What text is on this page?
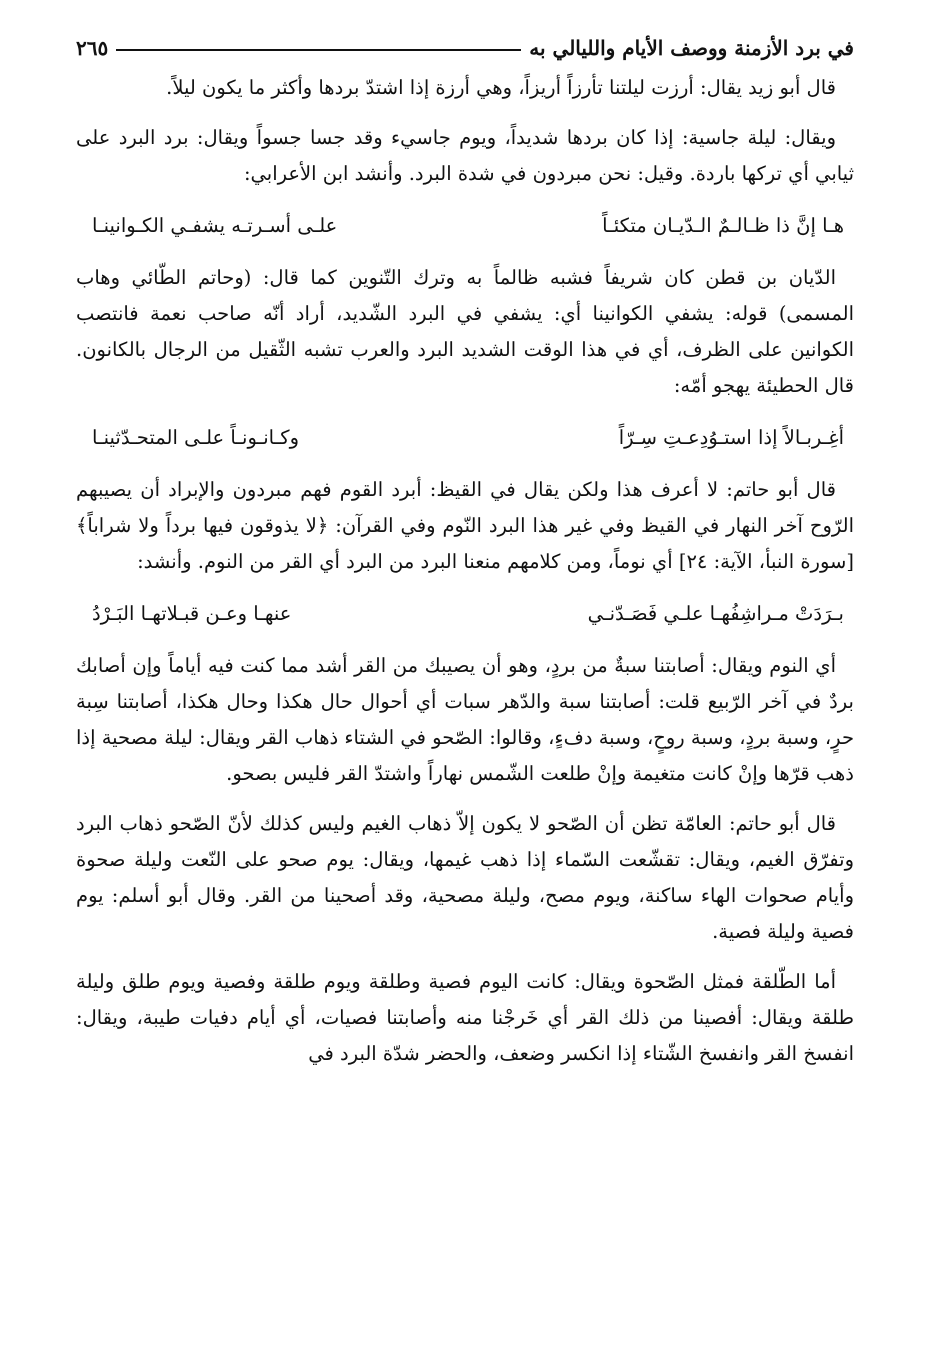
في برد الأزمنة ووصف الأيام والليالي به
٢٦٥

قال أبو زيد يقال: أرزت ليلتنا تأرزاً أريزاً، وهي أرزة إذا اشتدّ بردها وأكثر ما يكون ليلاً.

ويقال: ليلة جاسية: إذا كان بردها شديداً، ويوم جاسيء وقد جسا جسواً ويقال: برد البرد على ثيابي أي تركها باردة. وقيل: نحن مبردون في شدة البرد. وأنشد ابن الأعرابي:

هـا إنَّ ذا ظـالـمٌ الـدّيـان متكئـاً
علـى أسـرتـه يشفـي الكـوانينـا

الدّيان بن قطن كان شريفاً فشبه ظالماً به وترك التّنوين كما قال: (وحاتم الطّائي وهاب المسمى) قوله: يشفي الكوانينا أي: يشفي في البرد الشّديد، أراد أنّه صاحب نعمة فانتصب الكوانين على الظرف، أي في هذا الوقت الشديد البرد والعرب تشبه الثّقيل من الرجال بالكانون. قال الحطيئة يهجو أمّه:

أغِـربـالاً إذا استـوُدِعـتِ سِـرّاً
وكـانـونـاً علـى المتحـدّثينـا

قال أبو حاتم: لا أعرف هذا ولكن يقال في القيظ: أبرد القوم فهم مبردون والإبراد أن يصيبهم الرّوح آخر النهار في القيظ وفي غير هذا البرد النّوم وفي القرآن: ﴿لا يذوقون فيها برداً ولا شراباً﴾ [سورة النبأ، الآية: ٢٤] أي نوماً، ومن كلامهم منعنا البرد من البرد أي القر من النوم. وأنشد:

بـرَدَتْ مـراشِفُهـا علـي فَصَـدّنـي
عنهـا وعـن قبـلاتهـا البَـرْدُ

أي النوم ويقال: أصابتنا سبةٌ من بردٍ، وهو أن يصيبك من القر أشد مما كنت فيه أياماً وإن أصابك بردٌ في آخر الرّبيع قلت: أصابتنا سبة والدّهر سبات أي أحوال حال هكذا وحال هكذا، أصابتنا سِبة حرٍ، وسبة بردٍ، وسبة روحٍ، وسبة دفءٍ، وقالوا: الصّحو في الشتاء ذهاب القر ويقال: ليلة مصحية إذا ذهب قرّها وإنْ كانت متغيمة وإنْ طلعت الشّمس نهاراً واشتدّ القر فليس بصحو.

قال أبو حاتم: العامّة تظن أن الصّحو لا يكون إلاّ ذهاب الغيم وليس كذلك لأنّ الصّحو ذهاب البرد وتفرّق الغيم، ويقال: تقشّعت السّماء إذا ذهب غيمها، ويقال: يوم صحو على النّعت وليلة صحوة وأيام صحوات الهاء ساكنة، ويوم مصح، وليلة مصحية، وقد أصحينا من القر. وقال أبو أسلم: يوم فصية وليلة فصية.

أما الطّلقة فمثل الصّحوة ويقال: كانت اليوم فصية وطلقة ويوم طلقة وفصية ويوم طلق وليلة طلقة ويقال: أفصينا من ذلك القر أي خَرجْنا منه وأصابتنا فصيات، أي أيام دفيات طيبة، ويقال: انفسخ القر وانفسخ الشّتاء إذا انكسر وضعف، والحضر شدّة البرد في
